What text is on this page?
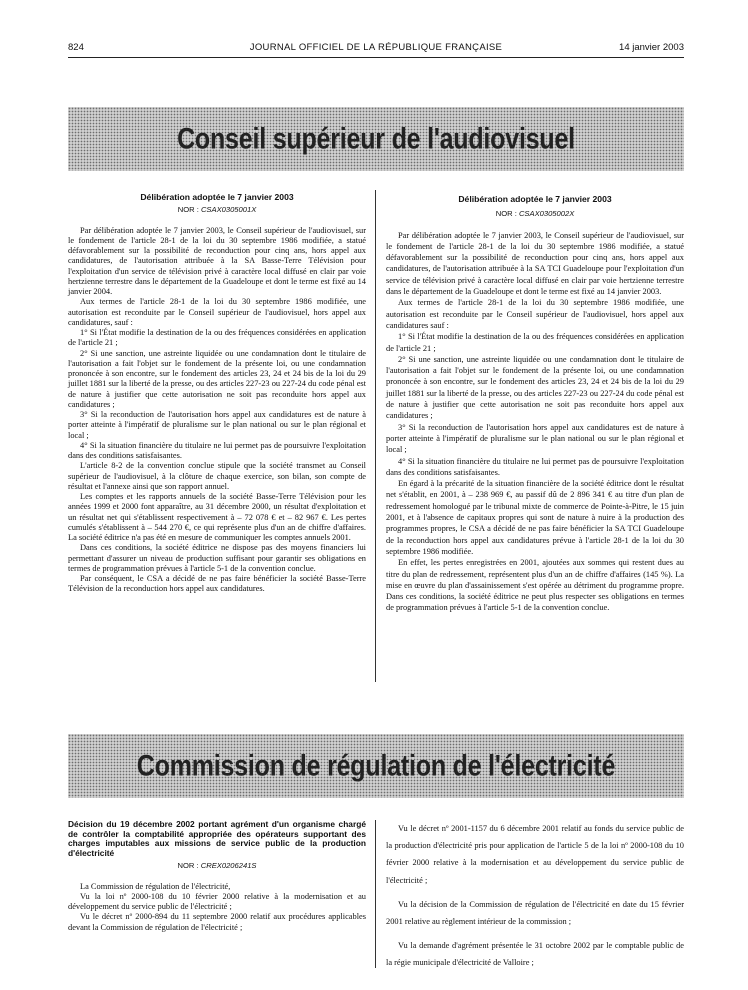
824	JOURNAL OFFICIEL DE LA RÉPUBLIQUE FRANÇAISE	14 janvier 2003
Conseil supérieur de l'audiovisuel

Délibération adoptée le 7 janvier 2003

NOR : CSAX0305001X

Par délibération adoptée le 7 janvier 2003, le Conseil supérieur de l'audiovisuel, sur le fondement de l'article 28-1 de la loi du 30 septembre 1986 modifiée, a statué défavorablement sur la possibilité de reconduction pour cinq ans, hors appel aux candidatures, de l'autorisation attribuée à la SA Basse-Terre Télévision pour l'exploitation d'un service de télévision privé à caractère local diffusé en clair par voie hertzienne terrestre dans le département de la Guadeloupe et dont le terme est fixé au 14 janvier 2004.

Aux termes de l'article 28-1 de la loi du 30 septembre 1986 modifiée, une autorisation est reconduite par le Conseil supérieur de l'audiovisuel, hors appel aux candidatures, sauf :

1° Si l'État modifie la destination de la ou des fréquences considérées en application de l'article 21 ;

2° Si une sanction, une astreinte liquidée ou une condamnation dont le titulaire de l'autorisation a fait l'objet sur le fondement de la présente loi, ou une condamnation prononcée à son encontre, sur le fondement des articles 23, 24 et 24 bis de la loi du 29 juillet 1881 sur la liberté de la presse, ou des articles 227-23 ou 227-24 du code pénal est de nature à justifier que cette autorisation ne soit pas reconduite hors appel aux candidatures ;

3° Si la reconduction de l'autorisation hors appel aux candidatures est de nature à porter atteinte à l'impératif de pluralisme sur le plan national ou sur le plan régional et local ;

4° Si la situation financière du titulaire ne lui permet pas de poursuivre l'exploitation dans des conditions satisfaisantes.

L'article 8-2 de la convention conclue stipule que la société transmet au Conseil supérieur de l'audiovisuel, à la clôture de chaque exercice, son bilan, son compte de résultat et l'annexe ainsi que son rapport annuel.

Les comptes et les rapports annuels de la société Basse-Terre Télévision pour les années 1999 et 2000 font apparaître, au 31 décembre 2000, un résultat d'exploitation et un résultat net qui s'établissent respectivement à – 72 078 € et – 82 967 €. Les pertes cumulés s'établissent à – 544 270 €, ce qui représente plus d'un an de chiffre d'affaires. La société éditrice n'a pas été en mesure de communiquer les comptes annuels 2001.

Dans ces conditions, la société éditrice ne dispose pas des moyens financiers lui permettant d'assurer un niveau de production suffisant pour garantir ses obligations en termes de programmation prévues à l'article 5-1 de la convention conclue.

Par conséquent, le CSA a décidé de ne pas faire bénéficier la société Basse-Terre Télévision de la reconduction hors appel aux candidatures.

Délibération adoptée le 7 janvier 2003

NOR : CSAX0305002X

Par délibération adoptée le 7 janvier 2003, le Conseil supérieur de l'audiovisuel, sur le fondement de l'article 28-1 de la loi du 30 septembre 1986 modifiée, a statué défavorablement sur la possibilité de reconduction pour cinq ans, hors appel aux candidatures, de l'autorisation attribuée à la SA TCI Guadeloupe pour l'exploitation d'un service de télévision privé à caractère local diffusé en clair par voie hertzienne terrestre dans le département de la Guadeloupe et dont le terme est fixé au 14 janvier 2003.

Aux termes de l'article 28-1 de la loi du 30 septembre 1986 modifiée, une autorisation est reconduite par le Conseil supérieur de l'audiovisuel, hors appel aux candidatures sauf :

1° Si l'État modifie la destination de la ou des fréquences considérées en application de l'article 21 ;

2° Si une sanction, une astreinte liquidée ou une condamnation dont le titulaire de l'autorisation a fait l'objet sur le fondement de la présente loi, ou une condamnation prononcée à son encontre, sur le fondement des articles 23, 24 et 24 bis de la loi du 29 juillet 1881 sur la liberté de la presse, ou des articles 227-23 ou 227-24 du code pénal est de nature à justifier que cette autorisation ne soit pas reconduite hors appel aux candidatures ;

3° Si la reconduction de l'autorisation hors appel aux candidatures est de nature à porter atteinte à l'impératif de pluralisme sur le plan national ou sur le plan régional et local ;

4° Si la situation financière du titulaire ne lui permet pas de poursuivre l'exploitation dans des conditions satisfaisantes.

En égard à la précarité de la situation financière de la société éditrice dont le résultat net s'établit, en 2001, à – 238 969 €, au passif dû de 2 896 341 € au titre d'un plan de redressement homologué par le tribunal mixte de commerce de Pointe-à-Pitre, le 15 juin 2001, et à l'absence de capitaux propres qui sont de nature à nuire à la production des programmes propres, le CSA a décidé de ne pas faire bénéficier la SA TCI Guadeloupe de la reconduction hors appel aux candidatures prévue à l'article 28-1 de la loi du 30 septembre 1986 modifiée.

En effet, les pertes enregistrées en 2001, ajoutées aux sommes qui restent dues au titre du plan de redressement, représentent plus d'un an de chiffre d'affaires (145 %). La mise en œuvre du plan d'assainissement s'est opérée au détriment du programme propre. Dans ces conditions, la société éditrice ne peut plus respecter ses obligations en termes de programmation prévues à l'article 5-1 de la convention conclue.

Commission de régulation de l'électricité

Décision du 19 décembre 2002 portant agrément d'un organisme chargé de contrôler la comptabilité appropriée des opérateurs supportant des charges imputables aux missions de service public de la production d'électricité

NOR : CREX0206241S

La Commission de régulation de l'électricité,

Vu la loi nº 2000-108 du 10 février 2000 relative à la modernisation et au développement du service public de l'électricité ;

Vu le décret nº 2000-894 du 11 septembre 2000 relatif aux procédures applicables devant la Commission de régulation de l'électricité ;

Vu le décret nº 2001-1157 du 6 décembre 2001 relatif au fonds du service public de la production d'électricité pris pour application de l'article 5 de la loi nº 2000-108 du 10 février 2000 relative à la modernisation et au développement du service public de l'électricité ;

Vu la décision de la Commission de régulation de l'électricité en date du 15 février 2001 relative au règlement intérieur de la commission ;

Vu la demande d'agrément présentée le 31 octobre 2002 par le comptable public de la régie municipale d'électricité de Valloire ;
